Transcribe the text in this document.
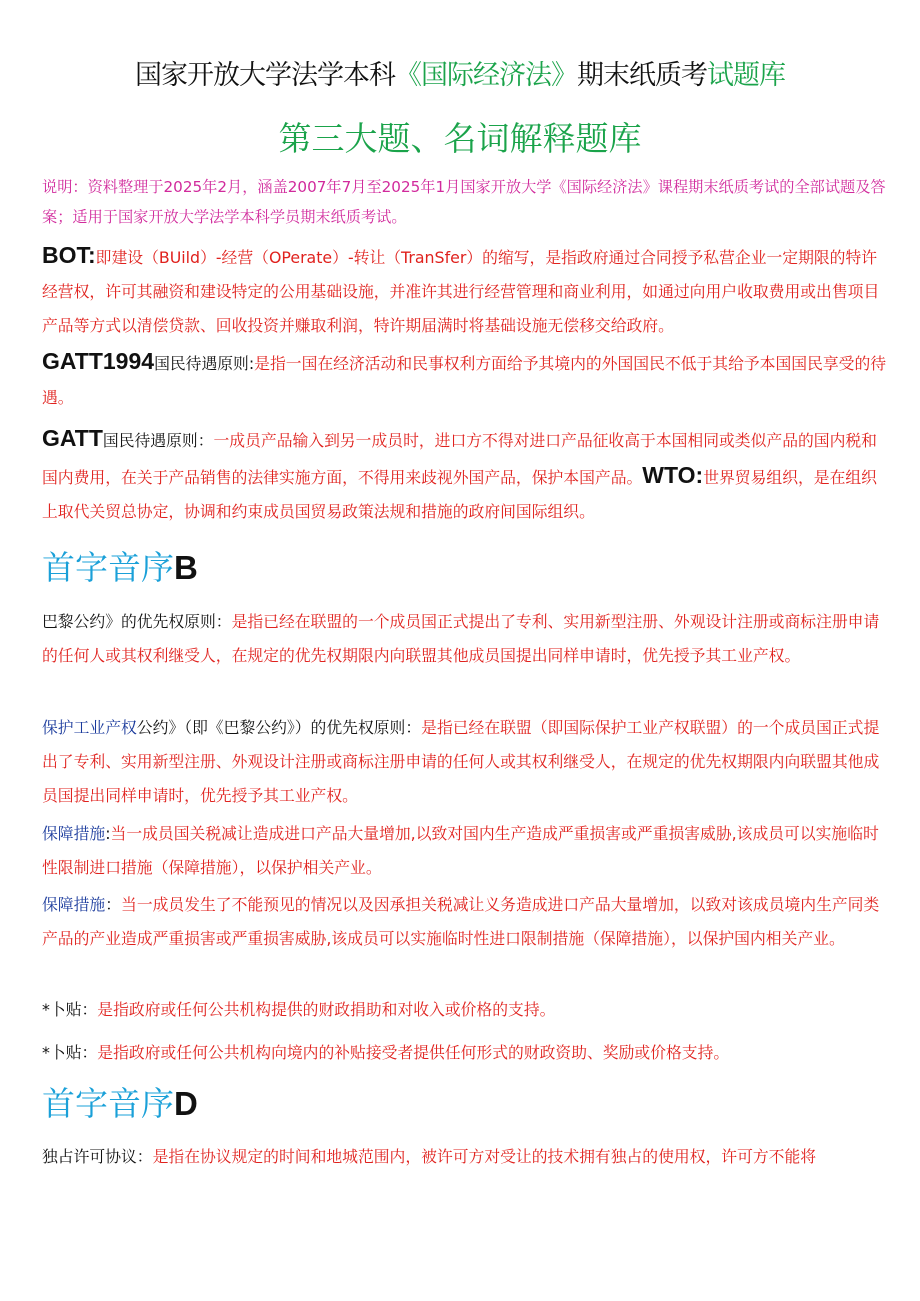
国家开放大学法学本科《国际经济法》期末纸质考试题库
第三大题、名词解释题库
说明：资料整理于2025年2月，涵盖2007年7月至2025年1月国家开放大学《国际经济法》课程期末纸质考试的全部试题及答案；适用于国家开放大学法学本科学员期末纸质考试。
BOT:即建设（BUild）-经营（OPerate）-转让（TranSfer）的缩写，是指政府通过合同授予私营企业一定期限的特许经营权，许可其融资和建设特定的公用基础设施，并准许其进行经营管理和商业利用，如通过向用户收取费用或出售项目产品等方式以清偿贷款、回收投资并赚取利润，特许期届满时将基础设施无偿移交给政府。
GATT1994国民待遇原则:是指一国在经济活动和民事权利方面给予其境内的外国国民不低于其给予本国国民享受的待遇。
GATT国民待遇原则：一成员产品输入到另一成员时，进口方不得对进口产品征收高于本国相同或类似产品的国内税和国内费用，在关于产品销售的法律实施方面，不得用来歧视外国产品，保护本国产品。WTO:世界贸易组织，是在组织上取代关贸总协定，协调和约束成员国贸易政策法规和措施的政府间国际组织。
首字音序B
巴黎公约》的优先权原则：是指已经在联盟的一个成员国正式提出了专利、实用新型注册、外观设计注册或商标注册申请的任何人或其权利继受人，在规定的优先权期限内向联盟其他成员国提出同样申请时，优先授予其工业产权。
保护工业产权公约》（即《巴黎公约》）的优先权原则：是指已经在联盟（即国际保护工业产权联盟）的一个成员国正式提出了专利、实用新型注册、外观设计注册或商标注册申请的任何人或其权利继受人，在规定的优先权期限内向联盟其他成员国提出同样申请时，优先授予其工业产权。
保障措施:当一成员国关税减让造成进口产品大量增加,以致对国内生产造成严重损害或严重损害威胁,该成员可以实施临时性限制进口措施（保障措施），以保护相关产业。
保障措施：当一成员发生了不能预见的情况以及因承担关税减让义务造成进口产品大量增加，以致对该成员境内生产同类产品的产业造成严重损害或严重损害威胁,该成员可以实施临时性进口限制措施（保障措施），以保护国内相关产业。
*卜贴：是指政府或任何公共机构提供的财政捐助和对收入或价格的支持。
*卜贴：是指政府或任何公共机构向境内的补贴接受者提供任何形式的财政资助、奖励或价格支持。
首字音序D
独占许可协议：是指在协议规定的时间和地城范围内，被许可方对受让的技术拥有独占的使用权，许可方不能将
